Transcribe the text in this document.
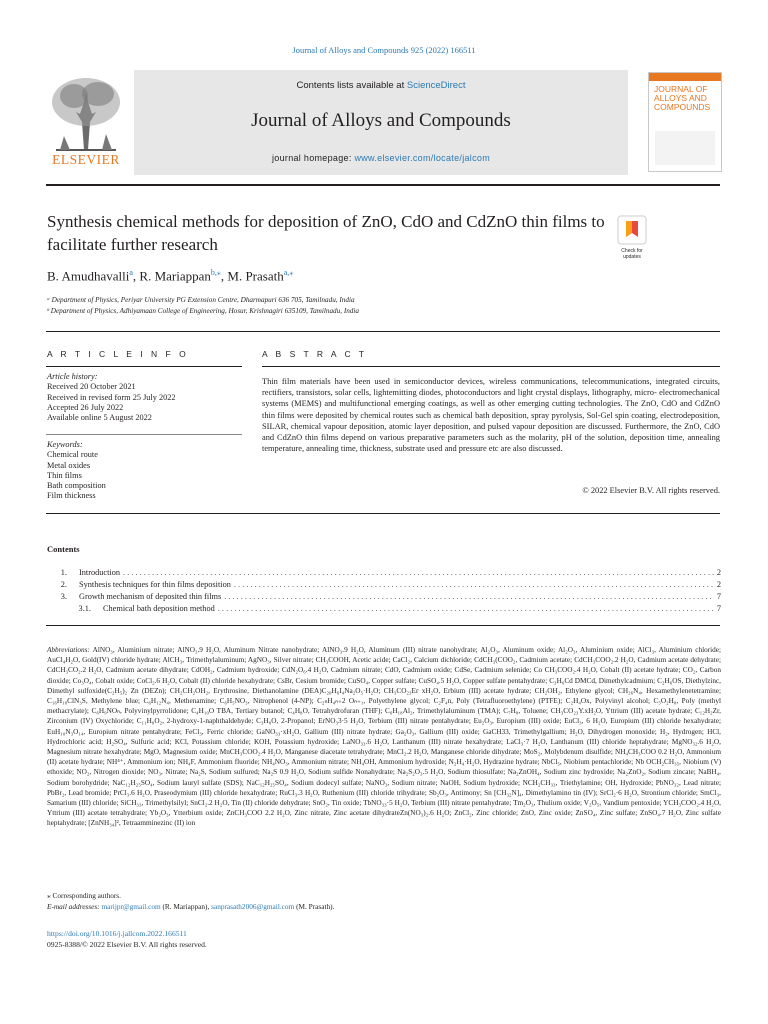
Journal of Alloys and Compounds 925 (2022) 166511
ELSEVIER
Contents lists available at ScienceDirect
Journal of Alloys and Compounds
journal homepage: www.elsevier.com/locate/jalcom
JOURNAL OF ALLOYS AND COMPOUNDS
Synthesis chemical methods for deposition of ZnO, CdO and CdZnO thin films to facilitate further research	Check for updates
B. Amudhavalli$^a$, R. Mariappan$^{b,⁎}$, M. Prasath$^{a,⁎}$
ᵃ Department of Physics, Periyar University PG Extension Centre, Dharmapuri 636 705, Tamilnadu, India
ᵇ Department of Physics, Adhiyamaan College of Engineering, Hosur, Krishnagiri 635109, Tamilnadu, India
A R T I C L E I N F O	A B S T R A C T
Article history:
Received 20 October 2021
Received in revised form 25 July 2022
Accepted 26 July 2022
Available online 5 August 2022
Keywords:
Chemical route
Metal oxides
Thin films
Bath composition
Film thickness
Thin film materials have been used in semiconductor devices, wireless communications, telecommunications, integrated circuits, rectifiers, transistors, solar cells, lightemitting diodes, photoconductors and light crystal displays, lithography, micro- electromechanical systems (MEMS) and multifunctional emerging coatings, as well as other emerging cutting technologies. The ZnO, CdO and CdZnO thin films were deposited by chemical routes such as chemical bath deposition, spray pyrolysis, Sol-Gel spin coating, electrodeposition, SILAR, chemical vapour deposition, atomic layer deposition, and pulsed vapour deposition are discussed. Furthermore, the ZnO, CdO and CdZnO thin films depend on various preparative parameters such as the molarity, pH of the solution, deposition time, annealing temperature, annealing time, thickness, substrate used and pressure etc are also discussed.
© 2022 Elsevier B.V. All rights reserved.
Contents
1. Introduction . . .	2
2. Synthesis techniques for thin films deposition . . .	2
3. Growth mechanism of deposited thin films . . .	7
3.1. Chemical bath deposition method . . .	7
Abbreviations: AlNO₃, Aluminium nitrate; AlNO₃.9 H₂O, Aluminum Nitrate nanohydrate; AlNO₃.9 H₂O, Aluminum (III) nitrate nanohydrate; Al₂O₃, Aluminum oxide; Al₂O₃, Aluminium oxide; AlCl₃, Aluminium chloride; AuCl₄H₂O, Gold(IV) chloride hydrate; AlCH₃, Trimethylaluminum; AgNO₃, Silver nitrate; CH₃COOH, Acetic acide; CaCl₂, Calcium dichloride; CdCH₃(COO₂, Cadmium acetate; CdCH₃COO₂.2 H₂O, Cadmium acetate dehydrate; CdCH₃CO₂.2 H₂O, Cadmium acetate dihydrate; CdOH₂, Cadmium hydroxide; CdN₂O₆.4 H₂O, Cadmium nitrate; CdO, Cadmium oxide; CdSe, Cadmium selenide; Co CH₃COO₂.4 H₂O, Cobalt (II) acetate hydrate; CO₂, Carbon dioxide; Co₃O₄, Cobalt oxide; CoCl₂.6 H₂O, Cobalt (II) chloride hexahydrate; CsBr, Cesium bromide; CuSO₄, Copper sulfate; CuSO₄.5 H₂O, Copper sulfate pentahydrate; C₃H₆Cd DMCd, Dimethylcadmium; C₂H₆OS, Diethylzinc, Dimethyl sulfoxide(C₂H₅)₂ Zn (DEZn); CH₂CH₂OH₂, Erythrosine, Diethanolamine (DEA)C₂₀H₆I₄Na₂O₅·H₂O; CH₃CO₂₃Er xH₂O, Erbium (III) acetate hydrate; CH₂OH₂, Ethylene glycol; CH₂₆N₄, Hexamethylenetetramine; C₁₆H₁₈ClN₃S, Methylene blue; C₆H₁₂N₄, Methenamine; C₆H₅NO₃, Nitrophenol (4-NP); C₂ₙH₄ₙ₊2 Oₙ₊₁, Polyethylene glycol; C₂F₄n, Poly (Tetrafluoroethylene) (PTFE); C₂H₄Ox, Polyvinyl alcohol; C₅O₂H₈, Poly (methyl methacrylate); C₆H₉NOₙ, Polyvinylpyrrolidone; C₄H₁₀O TBA, Tertiary butanol; C₄H₈O, Tetrahydrofuran (THF); C₆H₁₈Al₂, Trimethylaluminum (TMA); C₇H₈, Toluene; CH₃CO₂₃Y.xH₂O, Yttrium (III) acetate hydrate; C₁₂H₂Zr, Zirconium (IV) Oxychloride; C₁₁H₈O₂, 2-hydroxy-1-naphthaldehyde; C₃H₈O, 2-Propanol; ErNO₃3·5 H₂O, Terbium (III) nitrate pentahydrate; Eu₂O₃, Europium (III) oxide; EuCl₃, 6 H₂O, Europium (III) chloride hexahydrate; EuH₁₀N₃O₁₄, Europium nitrate pentahydrate; FeCl₃, Ferric chloride; GaNO₃₃·xH₂O, Gallium (III) nitrate hydrate; Ga₂O₃, Gallium (III) oxide; GaCH33, Trimethylgallium; H₂O, Dihydrogen monoxide; H₂, Hydrogen; HCl, Hydrochloric acid; H₂SO₄, Sulfuric acid; KCl, Potassium chloride; KOH, Potassium hydroxide; LaNO₃₃.6 H₂O, Lanthanum (III) nitrate hexahydrate; LaCl₃·7 H₂O, Lanthanum (III) chloride heptahydrate; MgNO₃₂.6 H₂O, Magnesium nitrate hexahydrate; MgO, Magnesium oxide; MnCH₃COO₂.4 H₂O, Manganese diacetate tetrahydrate; MnCl₂.2 H₂O, Manganese chloride dihydrate; MoS₂, Molybdenum disulfide; NH₄CH₃COO 0.2 H₂O, Ammonium (II) acetate hydrate; NH⁴⁺, Ammonium ion; NH₄F, Ammonium fluoride; NH₄NO₃, Ammonium nitrate; NH₄OH, Ammonium hydroxide; N₂H₄·H₂O, Hydrazine hydrate; NbCl₅, Niobium pentachloride; Nb OCH₂CH₃₅, Niobium (V) ethoxide; NO₂, Nitrogen dioxide; NO₃, Nitrate; Na₂S, Sodium sulfured; Na₂S 0.9 H₂O, Sodium sulfide Nonahydrate; Na₂S₂O₃.5 H₂O, Sodium thiosulfate; Na₂ZnOH₄, Sodium zinc hydroxide; Na₂ZnO₂, Sodium zincate; NaBH₄, Sodium borohydride; NaC₁₂H₂₅SO₄, Sodium lauryl sulfate (SDS); NaC₁₂H₂₅SO₄, Sodium dodecyl sulfate; NaNO₃, Sodium nitrate; NaOH, Sodium hydroxide; NCH₂CH₃₃, Triethylamine; OH, Hydroxide; PbNO₃₂, Lead nitrate; PbBr₂, Lead bromide; PrCl₃.6 H₂O, Praseodymium (III) chloride hexahydrate; RuCl₃.3 H₂O, Ruthenium (III) chloride trihydrate; Sb₂O₃, Antimony; Sn [CH₃₂N]₄, Dimethylamino tin (IV); SrCl₂·6 H₂O, Strontium chloride; SmCl₃, Samarium (III) chloride; SiCH₃₃, Trimethylsilyl; SnCl₂.2 H₂O, Tin (II) chloride dehydrate; SnO₂, Tin oxide; TbNO₃₃·5 H₂O, Terbium (III) nitrate pentahydrate; Tm₂O₃, Thulium oxide; V₂O₅, Vandium pentoxide; YCH₃COO₂.4 H₂O, Yttrium (III) acetate tetrahydrate; Yb₂O₃, Ytterbium oxide; ZnCH₃COO 2.2 H₂O, Zinc nitrate, Zinc acetate dihydrateZn(NO₃)₂.6 H₂O; ZnCl₂, Zinc chloride; ZnO, Zinc oxide; ZnSO₄, Zinc sulfate; ZnSO₄.7 H₂O, Zinc sulfate heptahydrate; [ZnNH₃₄]², Tetraamminezinc (II) ion
⁎ Corresponding authors.
E-mail addresses: marijpr@gmail.com (R. Mariappan), sanprasath2006@gmail.com (M. Prasath).
https://doi.org/10.1016/j.jallcom.2022.166511
0925-8388/© 2022 Elsevier B.V. All rights reserved.
